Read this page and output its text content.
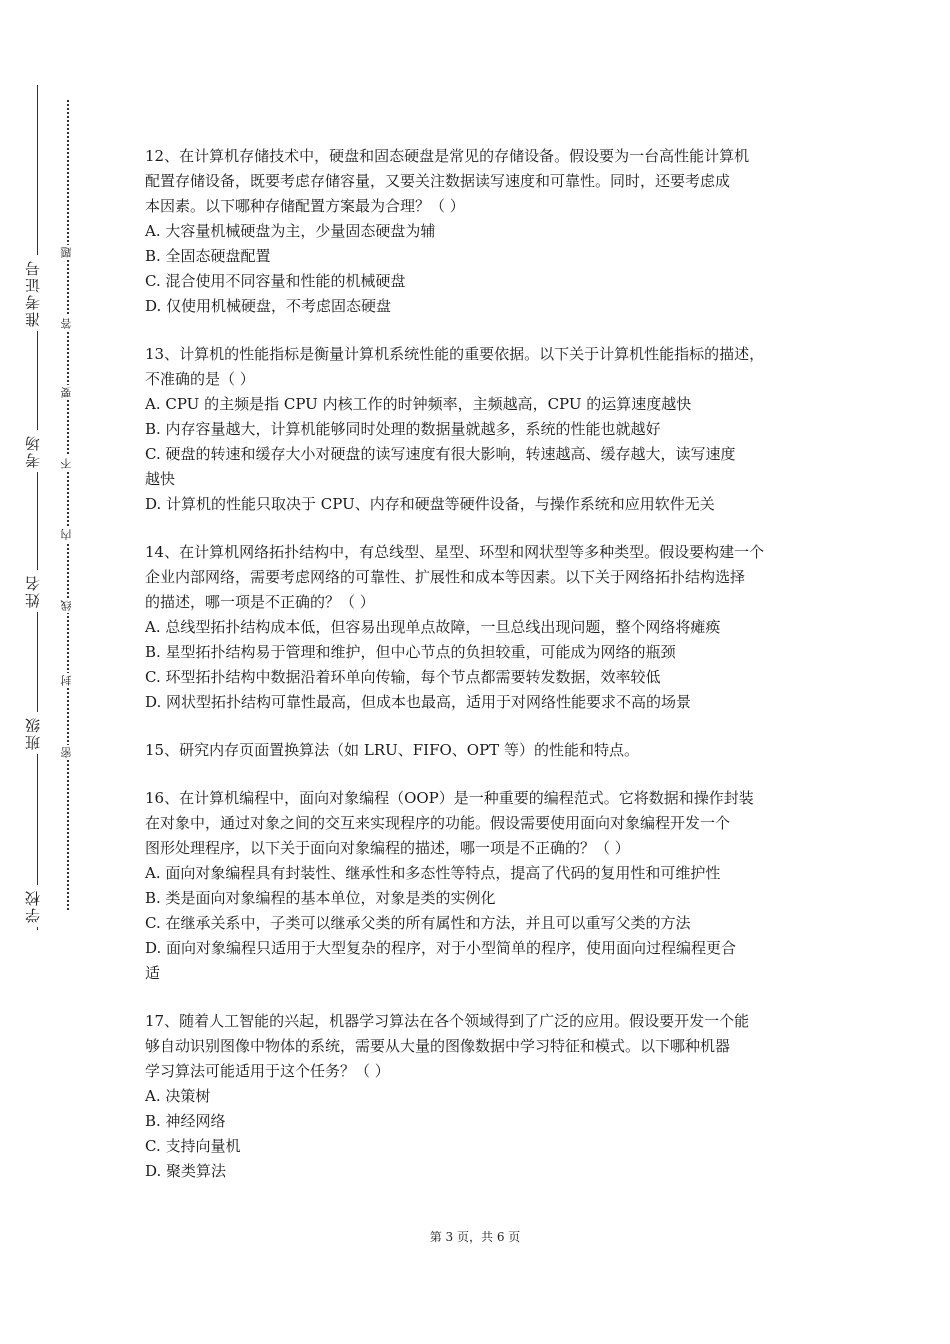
准考证号
考场
姓名
班级
学校
题
答
要
不
内
线
封
密
12、在计算机存储技术中，硬盘和固态硬盘是常见的存储设备。假设要为一台高性能计算机
配置存储设备，既要考虑存储容量，又要关注数据读写速度和可靠性。同时，还要考虑成
本因素。以下哪种存储配置方案最为合理？（ ）
A. 大容量机械硬盘为主，少量固态硬盘为辅
B. 全固态硬盘配置
C. 混合使用不同容量和性能的机械硬盘
D. 仅使用机械硬盘，不考虑固态硬盘
13、计算机的性能指标是衡量计算机系统性能的重要依据。以下关于计算机性能指标的描述，
不准确的是（ ）
A. CPU 的主频是指 CPU 内核工作的时钟频率，主频越高，CPU 的运算速度越快
B. 内存容量越大，计算机能够同时处理的数据量就越多，系统的性能也就越好
C. 硬盘的转速和缓存大小对硬盘的读写速度有很大影响，转速越高、缓存越大，读写速度
越快
D. 计算机的性能只取决于 CPU、内存和硬盘等硬件设备，与操作系统和应用软件无关
14、在计算机网络拓扑结构中，有总线型、星型、环型和网状型等多种类型。假设要构建一个
企业内部网络，需要考虑网络的可靠性、扩展性和成本等因素。以下关于网络拓扑结构选择
的描述，哪一项是不正确的？（ ）
A. 总线型拓扑结构成本低，但容易出现单点故障，一旦总线出现问题，整个网络将瘫痪
B. 星型拓扑结构易于管理和维护，但中心节点的负担较重，可能成为网络的瓶颈
C. 环型拓扑结构中数据沿着环单向传输，每个节点都需要转发数据，效率较低
D. 网状型拓扑结构可靠性最高，但成本也最高，适用于对网络性能要求不高的场景
15、研究内存页面置换算法（如 LRU、FIFO、OPT 等）的性能和特点。
16、在计算机编程中，面向对象编程（OOP）是一种重要的编程范式。它将数据和操作封装
在对象中，通过对象之间的交互来实现程序的功能。假设需要使用面向对象编程开发一个
图形处理程序，以下关于面向对象编程的描述，哪一项是不正确的？（ ）
A. 面向对象编程具有封装性、继承性和多态性等特点，提高了代码的复用性和可维护性
B. 类是面向对象编程的基本单位，对象是类的实例化
C. 在继承关系中，子类可以继承父类的所有属性和方法，并且可以重写父类的方法
D. 面向对象编程只适用于大型复杂的程序，对于小型简单的程序，使用面向过程编程更合
适
17、随着人工智能的兴起，机器学习算法在各个领域得到了广泛的应用。假设要开发一个能
够自动识别图像中物体的系统，需要从大量的图像数据中学习特征和模式。以下哪种机器
学习算法可能适用于这个任务？（ ）
A. 决策树
B. 神经网络
C. 支持向量机
D. 聚类算法
第 3 页，共 6 页
